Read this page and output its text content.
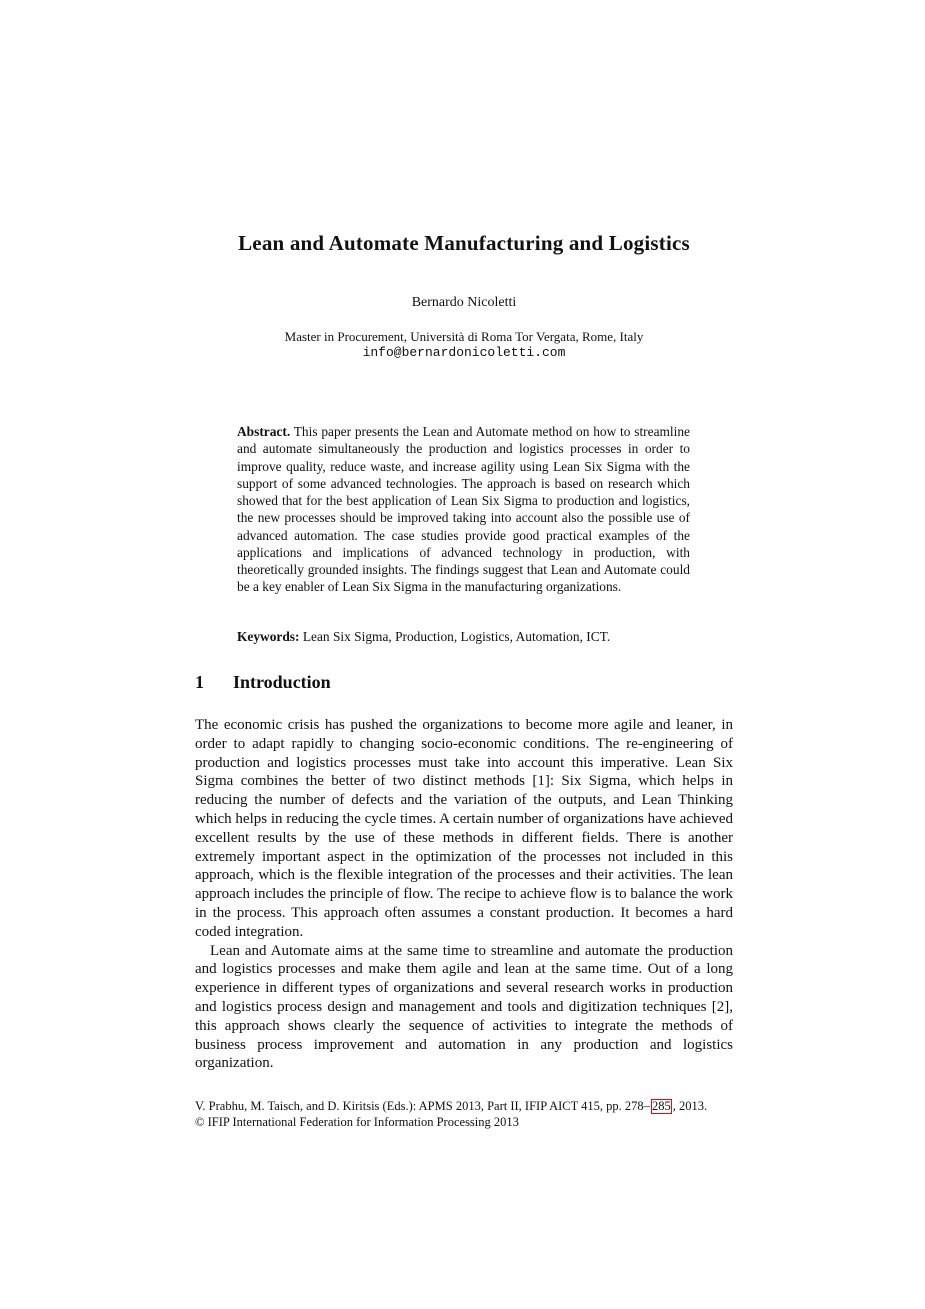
Lean and Automate Manufacturing and Logistics
Bernardo Nicoletti
Master in Procurement, Università di Roma Tor Vergata, Rome, Italy
info@bernardonicoletti.com
Abstract. This paper presents the Lean and Automate method on how to streamline and automate simultaneously the production and logistics processes in order to improve quality, reduce waste, and increase agility using Lean Six Sigma with the support of some advanced technologies. The approach is based on research which showed that for the best application of Lean Six Sigma to production and logistics, the new processes should be improved taking into account also the possible use of advanced automation. The case studies provide good practical examples of the applications and implications of advanced technology in production, with theoretically grounded insights. The findings suggest that Lean and Automate could be a key enabler of Lean Six Sigma in the manufacturing organizations.
Keywords: Lean Six Sigma, Production, Logistics, Automation, ICT.
1 Introduction

The economic crisis has pushed the organizations to become more agile and leaner, in order to adapt rapidly to changing socio-economic conditions. The re-engineering of production and logistics processes must take into account this imperative. Lean Six Sigma combines the better of two distinct methods [1]: Six Sigma, which helps in reducing the number of defects and the variation of the outputs, and Lean Thinking which helps in reducing the cycle times. A certain number of organizations have achieved excellent results by the use of these methods in different fields. There is another extremely important aspect in the optimization of the processes not included in this approach, which is the flexible integration of the processes and their activities. The lean approach includes the principle of flow. The recipe to achieve flow is to balance the work in the process. This approach often assumes a constant production. It becomes a hard coded integration.

Lean and Automate aims at the same time to streamline and automate the production and logistics processes and make them agile and lean at the same time. Out of a long experience in different types of organizations and several research works in production and logistics process design and management and tools and digitization techniques [2], this approach shows clearly the sequence of activities to integrate the methods of business process improvement and automation in any production and logistics organization.

V. Prabhu, M. Taisch, and D. Kiritsis (Eds.): APMS 2013, Part II, IFIP AICT 415, pp. 278– 285 , 2013.
© IFIP International Federation for Information Processing 2013
